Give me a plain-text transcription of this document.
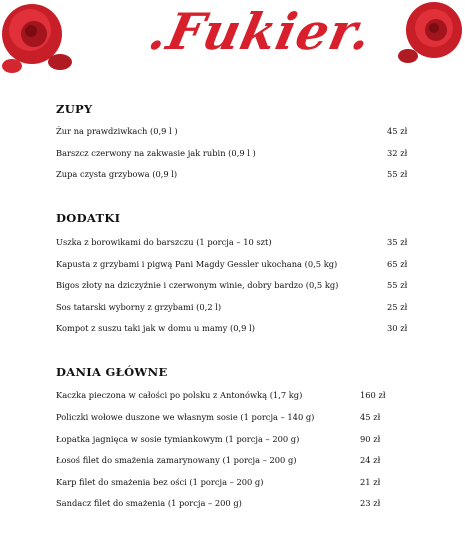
.Fukier.
ZUPY
Żur na prawdziwkach (0,9 l )	45 zł
Barszcz czerwony na zakwasie jak rubin (0,9 l )	32 zł
Zupa czysta grzybowa (0,9 l)	55 zł
DODATKI
Uszka z borowikami do barszczu (1 porcja – 10 szt)	35 zł
Kapusta z grzybami i pigwą Pani Magdy Gessler ukochana (0,5 kg)	65 zł
Bigos złoty na dziczyźnie i czerwonym winie, dobry bardzo (0,5 kg)	55 zł
Sos tatarski wyborny z grzybami (0,2 l)	25 zł
Kompot z suszu taki jak w domu u mamy (0,9 l)	30 zł
DANIA GŁÓWNE
Kaczka pieczona w całości po polsku z Antonówką (1,7 kg)	160 zł
Policzki wołowe duszone we własnym sosie (1 porcja – 140 g)	45 zł
Łopatka jagnięca w sosie tymiankowym (1 porcja – 200 g)	90 zł
Łosoś filet do smażenia zamarynowany (1 porcja – 200 g)	24 zł
Karp filet do smażenia bez ości (1 porcja – 200 g)	21 zł
Sandacz filet do smażenia (1 porcja – 200 g)	23 zł
